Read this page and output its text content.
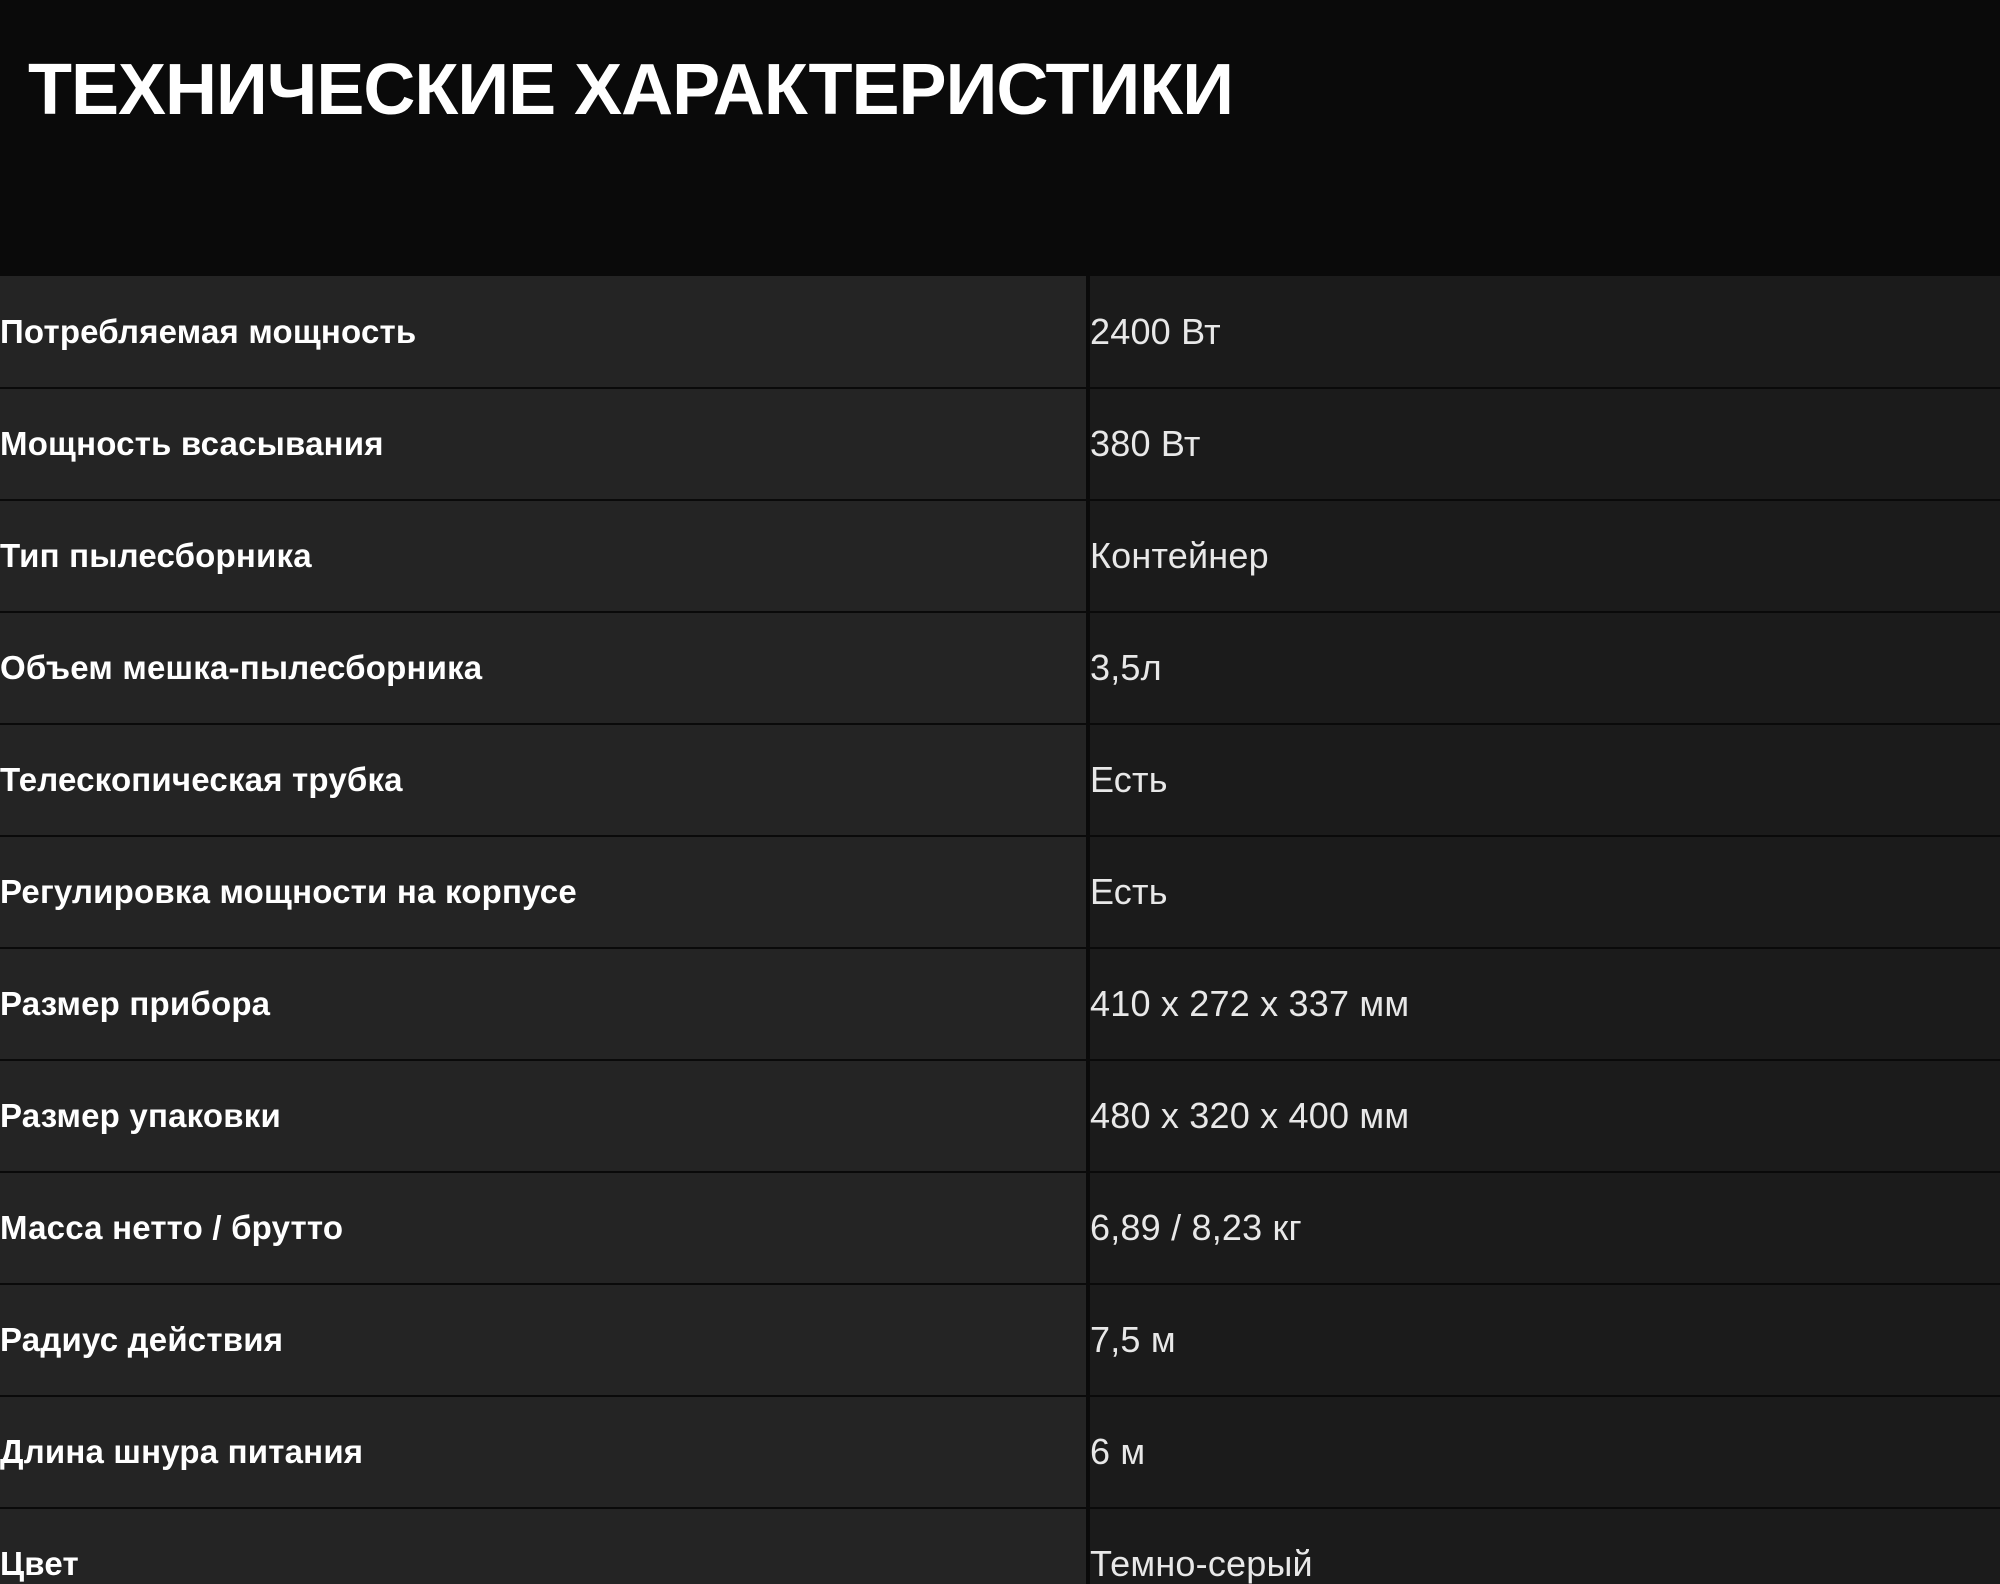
ТЕХНИЧЕСКИЕ ХАРАКТЕРИСТИКИ
Потребляемая мощность	2400 Вт
Мощность всасывания	380 Вт
Тип пылесборника	Контейнер
Объем мешка-пылесборника	3,5л
Телескопическая трубка	Есть
Регулировка мощности на корпусе	Есть
Размер прибора	410 x 272 x 337 мм
Размер упаковки	480 x 320 x 400 мм
Масса нетто / брутто	6,89 / 8,23 кг
Радиус действия	7,5 м
Длина шнура питания	6 м
Цвет	Темно-серый
